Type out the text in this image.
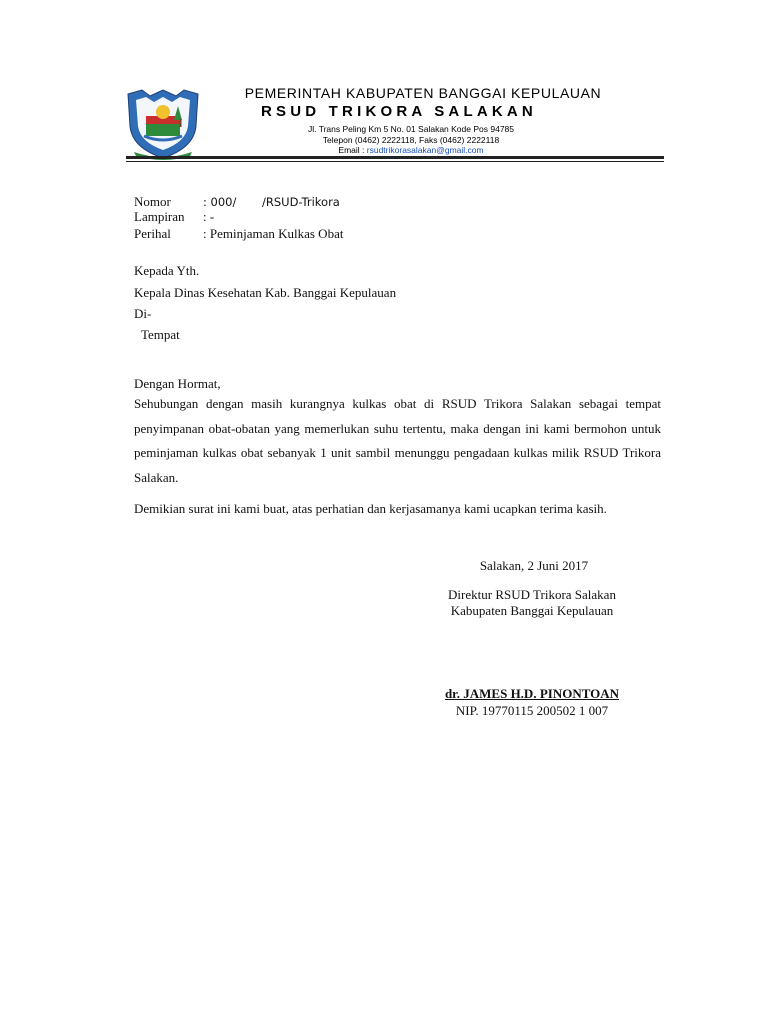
PEMERINTAH KABUPATEN BANGGAI KEPULAUAN
RSUD TRIKORA SALAKAN
Jl. Trans Peling Km 5 No. 01 Salakan Kode Pos 94785
Telepon (0462) 2222118, Faks (0462) 2222118
Email : rsudtrikorasalakan@gmail.com
Nomor	: 000/ /RSUD-Trikora
Lampiran : -
Perihal : Peminjaman Kulkas Obat
Kepada Yth.
Kepala Dinas Kesehatan Kab. Banggai Kepulauan
Di-
Tempat
Dengan Hormat,
Sehubungan dengan masih kurangnya kulkas obat di RSUD Trikora Salakan sebagai tempat penyimpanan obat-obatan yang memerlukan suhu tertentu, maka dengan ini kami bermohon untuk peminjaman kulkas obat sebanyak 1 unit sambil menunggu pengadaan kulkas milik RSUD Trikora Salakan.
Demikian surat ini kami buat, atas perhatian dan kerjasamanya kami ucapkan terima kasih.
Salakan, 2 Juni 2017
Direktur RSUD Trikora Salakan
Kabupaten Banggai Kepulauan
dr. JAMES H.D. PINONTOAN
NIP. 19770115 200502 1 007
